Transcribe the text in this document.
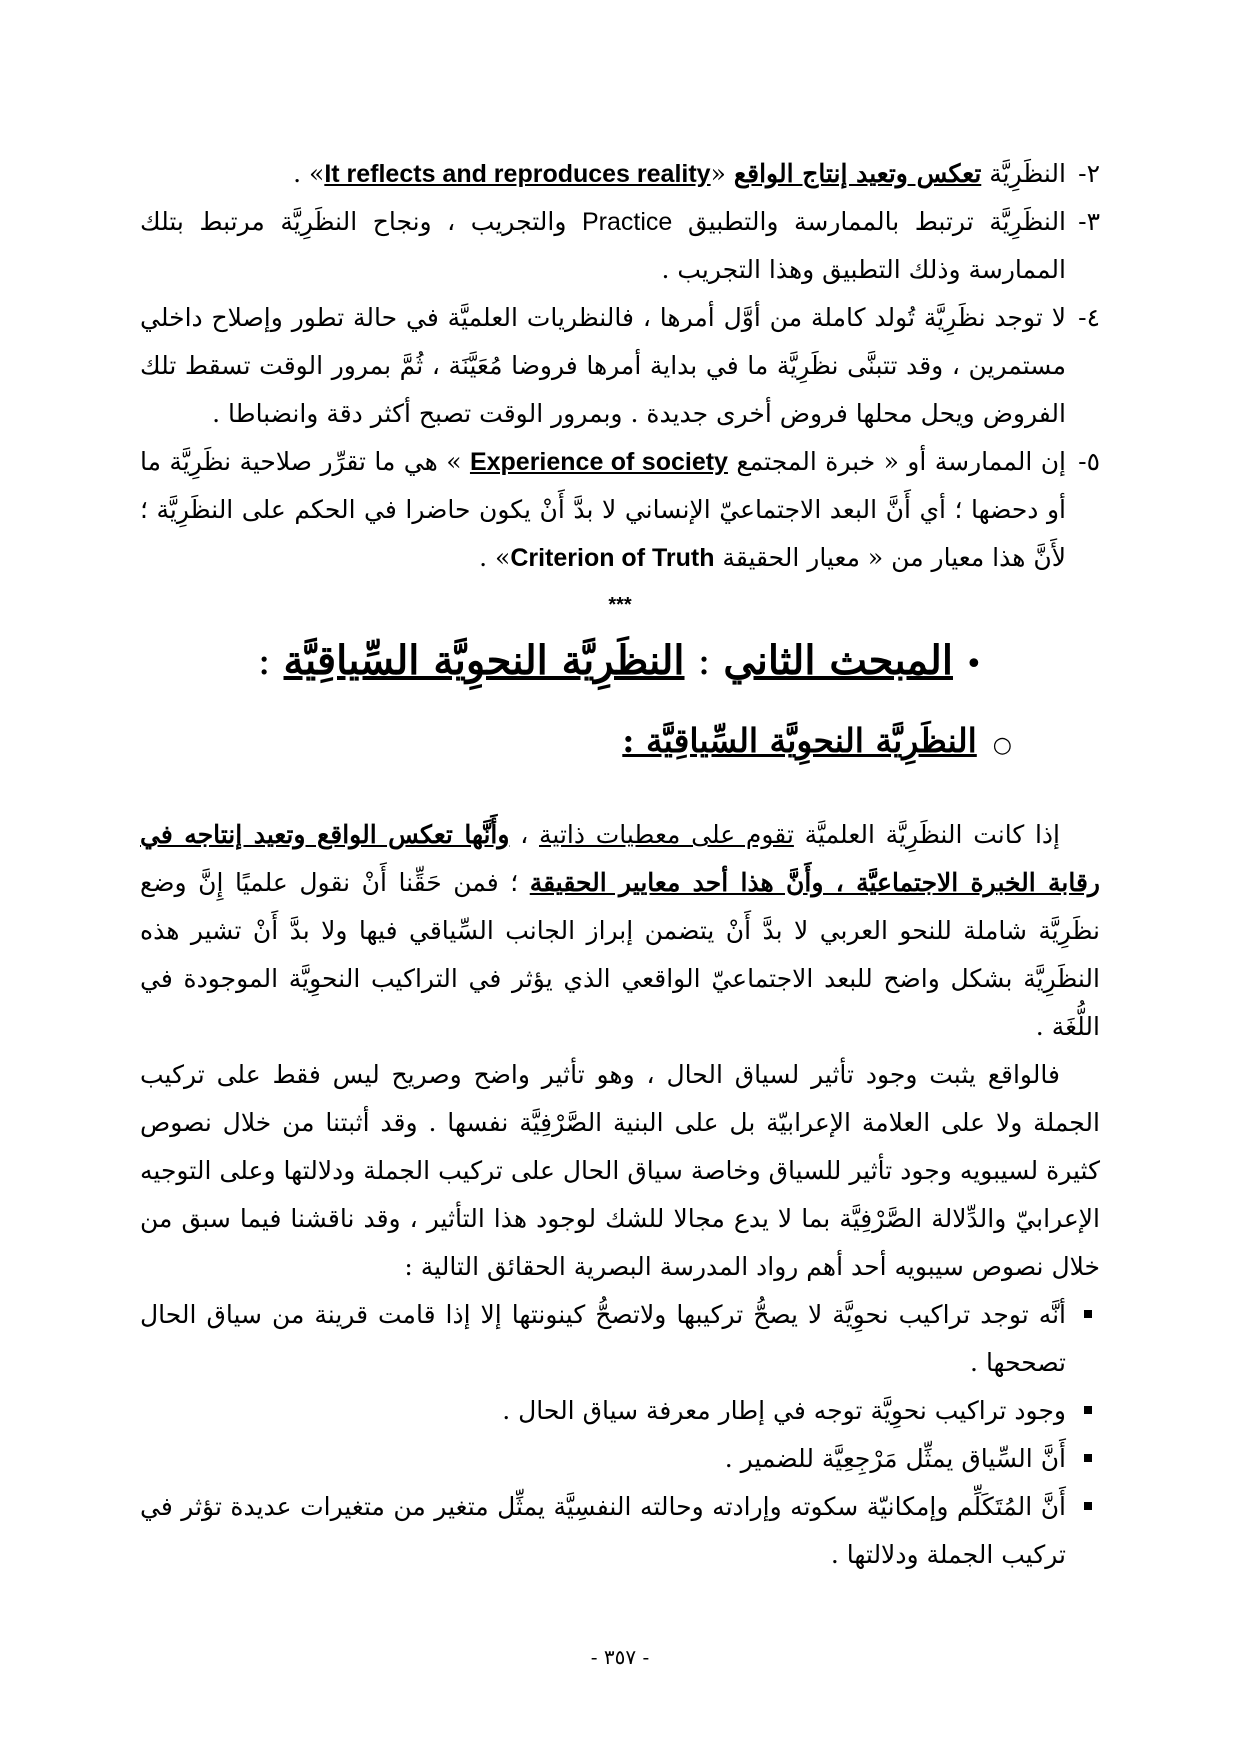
٢-
النظَرِيَّة تعكس وتعيد إنتاج الواقع «It reflects and reproduces reality» .
٣-
النظَرِيَّة ترتبط بالممارسة والتطبيق Practice والتجريب ، ونجاح النظَرِيَّة مرتبط بتلك الممارسة وذلك التطبيق وهذا التجريب .
٤-
لا توجد نظَرِيَّة تُولد كاملة من أوَّل أمرها ، فالنظريات العلميَّة في حالة تطور وإصلاح داخلي مستمرين ، وقد تتبنَّى نظَرِيَّة ما في بداية أمرها فروضا مُعَيَّنَة ، ثُمَّ بمرور الوقت تسقط تلك الفروض ويحل محلها فروض أخرى جديدة . وبمرور الوقت تصبح أكثر دقة وانضباطا .
٥-
إن الممارسة أو « خبرة المجتمع Experience of society » هي ما تقرِّر صلاحية نظَرِيَّة ما أو دحضها ؛ أي أَنَّ البعد الاجتماعيّ الإنساني لا بدَّ أَنْ يكون حاضرا في الحكم على النظَرِيَّة ؛ لأَنَّ هذا معيار من « معيار الحقيقة Criterion of Truth» .
***
•المبحث الثاني : النظَرِيَّة النحوِيَّة السِّياقِيَّة :
○النظَرِيَّة النحوِيَّة السِّياقِيَّة :

إذا كانت النظَرِيَّة العلميَّة تقوم على معطيات ذاتية ، وأَنَّها تعكس الواقع وتعيد إنتاجه في رقابة الخبرة الاجتماعيَّة ، وأَنَّ هذا أحد معايير الحقيقة ؛ فمن حَقِّنا أَنْ نقول علميًا إِنَّ وضع نظَرِيَّة شاملة للنحو العربي لا بدَّ أَنْ يتضمن إبراز الجانب السِّياقي فيها ولا بدَّ أَنْ تشير هذه النظَرِيَّة بشكل واضح للبعد الاجتماعيّ الواقعي الذي يؤثر في التراكيب النحوِيَّة الموجودة في اللُّغَة .

فالواقع يثبت وجود تأثير لسياق الحال ، وهو تأثير واضح وصريح ليس فقط على تركيب الجملة ولا على العلامة الإعرابيّة بل على البنية الصَّرْفِيَّة نفسها . وقد أثبتنا من خلال نصوص كثيرة لسيبويه وجود تأثير للسياق وخاصة سياق الحال على تركيب الجملة ودلالتها وعلى التوجيه الإعرابيّ والدِّلالة الصَّرْفِيَّة بما لا يدع مجالا للشك لوجود هذا التأثير ، وقد ناقشنا فيما سبق من خلال نصوص سيبويه أحد أهم رواد المدرسة البصرية الحقائق التالية :

أنَّه توجد تراكيب نحوِيَّة لا يصحُّ تركيبها ولاتصحُّ كينونتها إلا إذا قامت قرينة من سياق الحال تصححها .
وجود تراكيب نحوِيَّة توجه في إطار معرفة سياق الحال .
أَنَّ السِّياق يمثِّل مَرْجِعِيَّة للضمير .
أَنَّ المُتَكَلِّم وإمكانيّة سكوته وإرادته وحالته النفسِيَّة يمثِّل متغير من متغيرات عديدة تؤثر في تركيب الجملة ودلالتها .
- ٣٥٧ -
